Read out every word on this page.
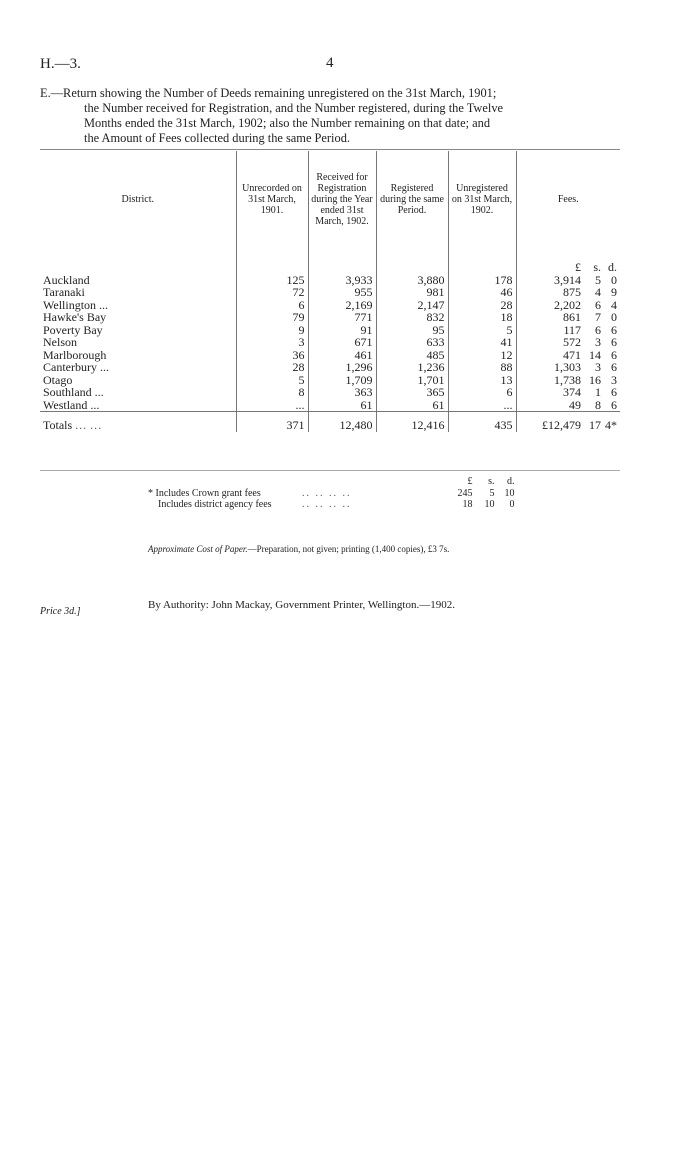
H.—3.	4
E.—Return showing the Number of Deeds remaining unregistered on the 31st March, 1901;
the Number received for Registration, and the Number registered, during the Twelve
Months ended the 31st March, 1902; also the Number remaining on that date; and
the Amount of Fees collected during the same Period.
District.	Unrecorded on 31st March, 1901.	Received for Registration during the Year ended 31st March, 1902.	Registered during the same Period.	Unregistered on 31st March, 1902.	Fees.

					£ s. d.
Auckland	125	3,933	3,880	178	3,914 5 0
Taranaki	72	955	981	46	875 4 9
Wellington ...	6	2,169	2,147	28	2,202 6 4
Hawke's Bay	79	771	832	18	861 7 0
Poverty Bay	9	91	95	5	117 6 6
Nelson	3	671	633	41	572 3 6
Marlborough	36	461	485	12	471 14 6
Canterbury ...	28	1,296	1,236	88	1,303 3 6
Otago	5	1,709	1,701	13	1,738 16 3
Southland ...	8	363	365	6	374 1 6
Westland ...	...	61	61	...	49 8 6
Totals ... ...	371	12,480	12,416	435	£12,479 17 4*
£ s. d.
* Includes Crown grant fees	.. .. .. ..	245 5 10
Includes district agency fees	.. .. .. ..	18 10 0
Approximate Cost of Paper.—Preparation, not given; printing (1,400 copies), £3 7s.
By Authority: John Mackay, Government Printer, Wellington.—1902.
Price 3d.]
